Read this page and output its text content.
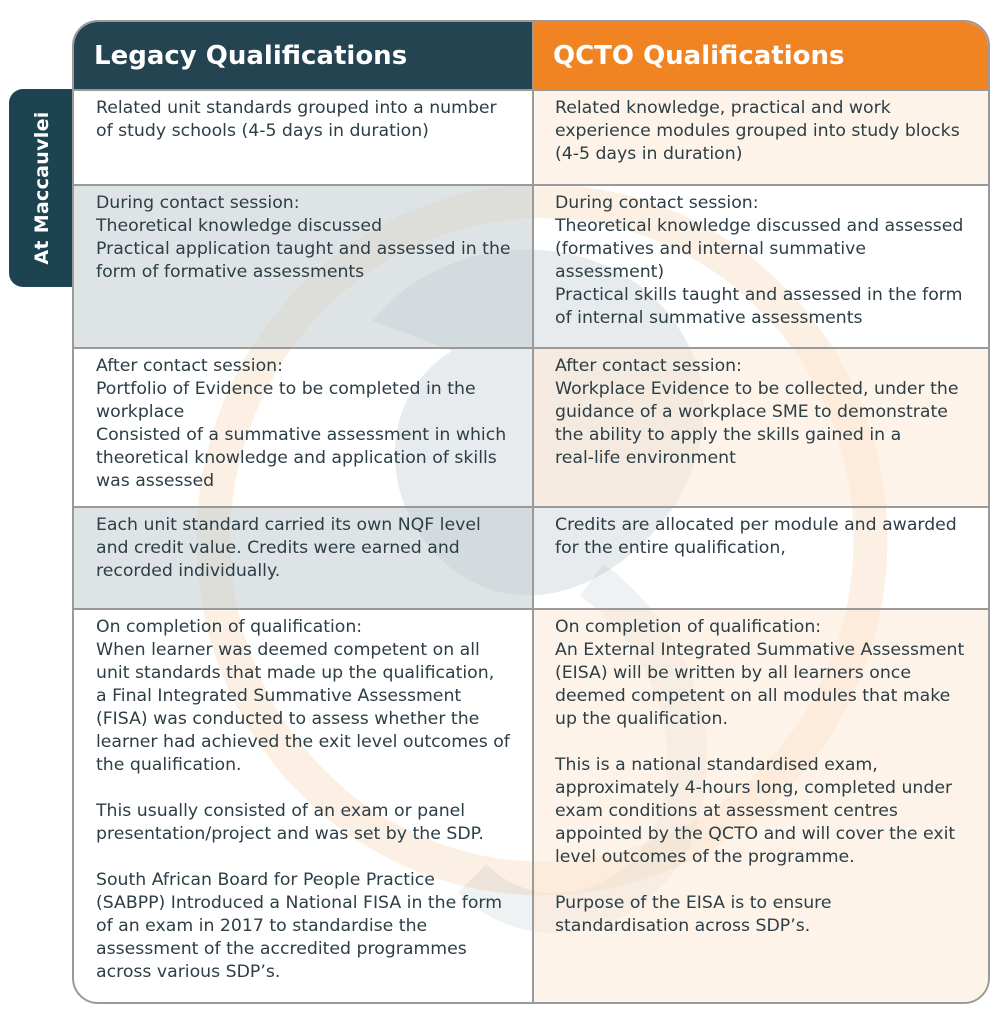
At Maccauvlei
Legacy Qualifications	QCTO Qualifications
Related unit standards grouped into a number
of study schools (4-5 days in duration)
Related knowledge, practical and work
experience modules grouped into study blocks
(4-5 days in duration)
During contact session:
Theoretical knowledge discussed
Practical application taught and assessed in the
form of formative assessments
During contact session:
Theoretical knowledge discussed and assessed
(formatives and internal summative
assessment)
Practical skills taught and assessed in the form
of internal summative assessments
After contact session:
Portfolio of Evidence to be completed in the
workplace
Consisted of a summative assessment in which
theoretical knowledge and application of skills
was assessed
After contact session:
Workplace Evidence to be collected, under the
guidance of a workplace SME to demonstrate
the ability to apply the skills gained in a
real-life environment
Each unit standard carried its own NQF level
and credit value. Credits were earned and
recorded individually.
Credits are allocated per module and awarded
for the entire qualification,
On completion of qualification:
When learner was deemed competent on all
unit standards that made up the qualification,
a Final Integrated Summative Assessment
(FISA) was conducted to assess whether the
learner had achieved the exit level outcomes of
the qualification.

This usually consisted of an exam or panel
presentation/project and was set by the SDP.

South African Board for People Practice
(SABPP) Introduced a National FISA in the form
of an exam in 2017 to standardise the
assessment of the accredited programmes
across various SDP’s.
On completion of qualification:
An External Integrated Summative Assessment
(EISA) will be written by all learners once
deemed competent on all modules that make
up the qualification.

This is a national standardised exam,
approximately 4-hours long, completed under
exam conditions at assessment centres
appointed by the QCTO and will cover the exit
level outcomes of the programme.

Purpose of the EISA is to ensure
standardisation across SDP’s.
